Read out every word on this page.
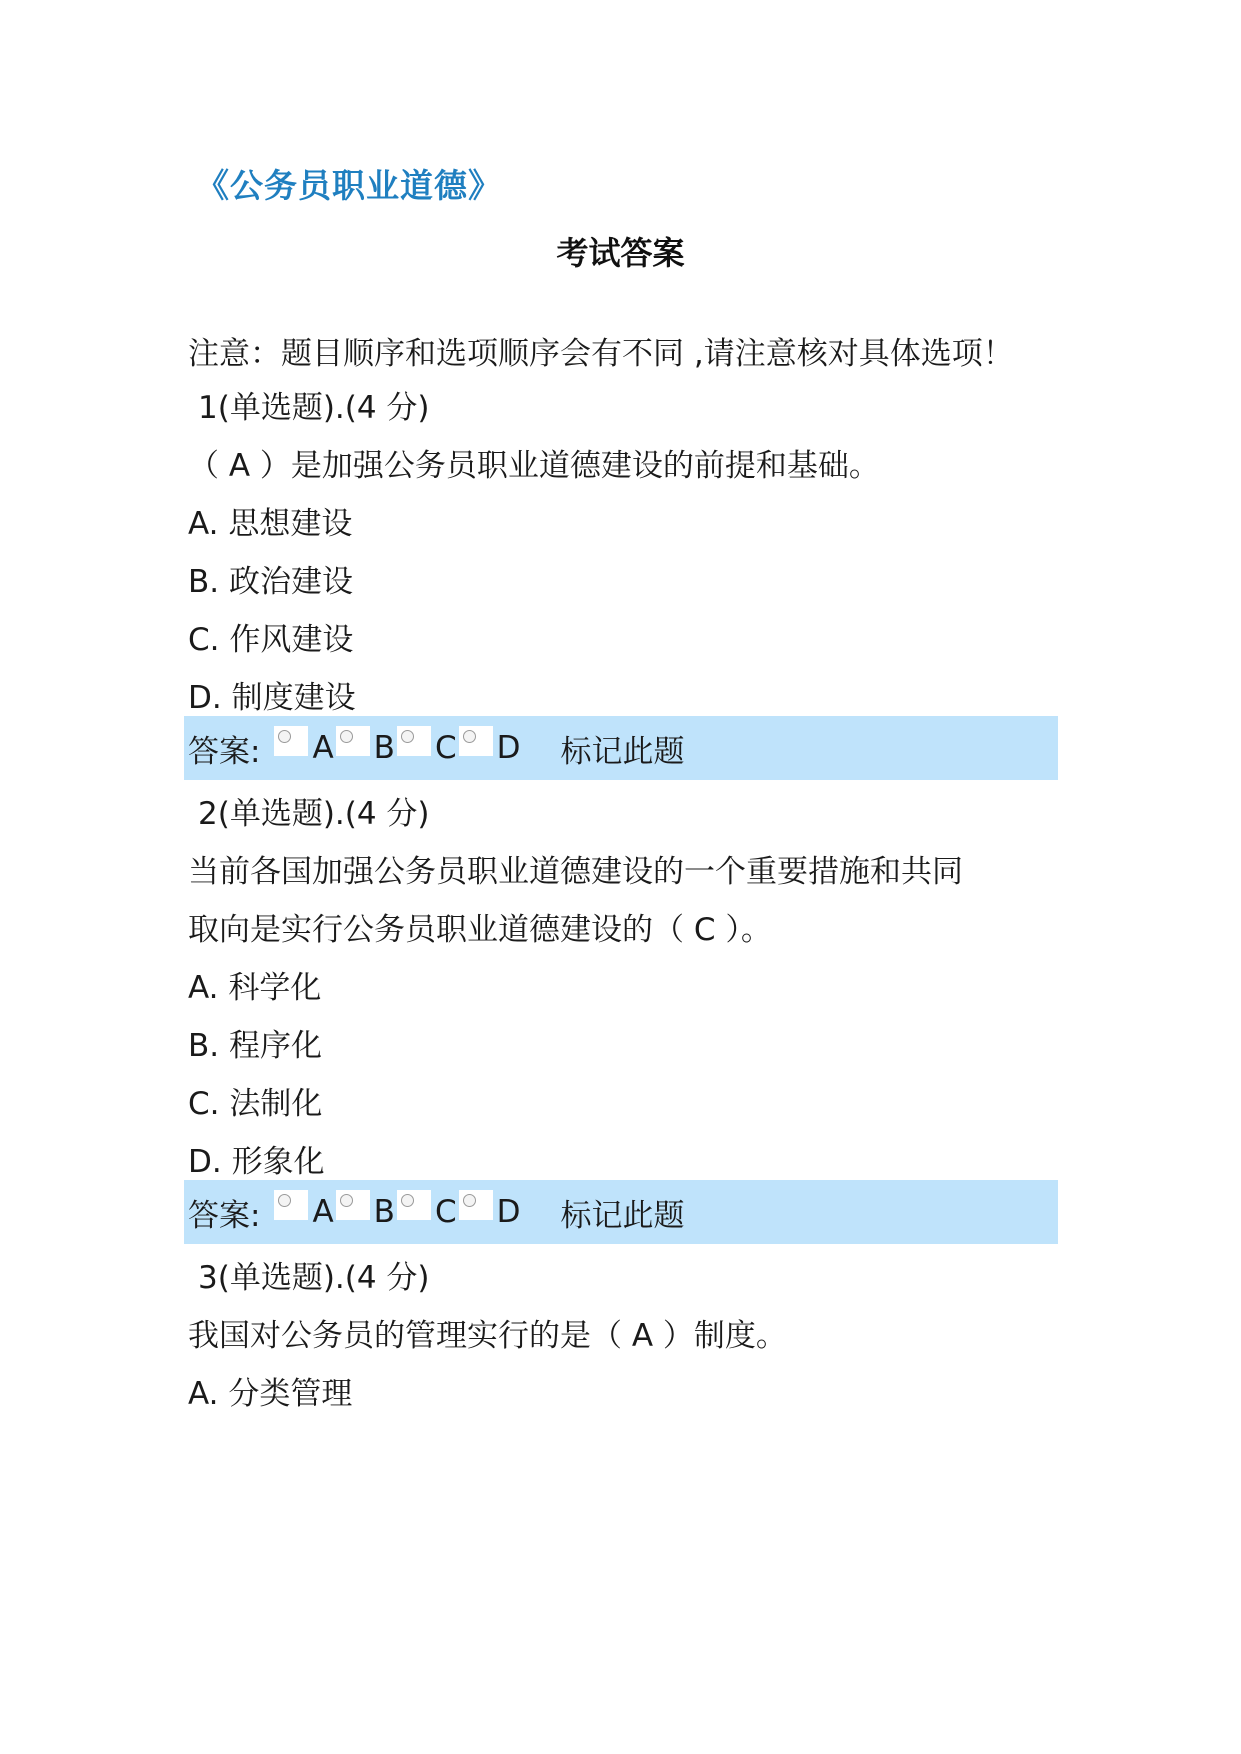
《公务员职业道德》
考试答案
注意：题目顺序和选项顺序会有不同 ,请注意核对具体选项！
1(单选题).(4 分)
（ A ）是加强公务员职业道德建设的前提和基础。
A. 思想建设
B. 政治建设
C. 作风建设
D. 制度建设
答案: A B C D 标记此题
2(单选题).(4 分)
当前各国加强公务员职业道德建设的一个重要措施和共同
取向是实行公务员职业道德建设的（ C ）。
A. 科学化
B. 程序化
C. 法制化
D. 形象化
答案: A B C D 标记此题
3(单选题).(4 分)
我国对公务员的管理实行的是（ A ）制度。
A. 分类管理
